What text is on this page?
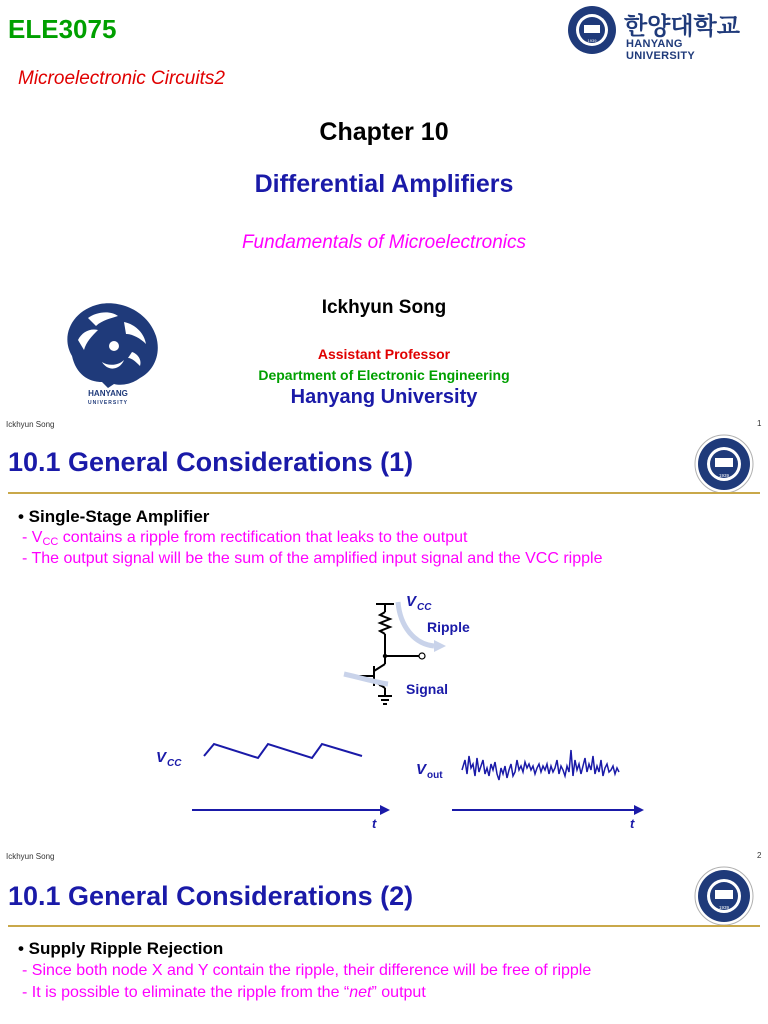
ELE3075	1939
한양대학교
HANYANG UNIVERSITY
Microelectronic Circuits2
Chapter 10
Differential Amplifiers
Fundamentals of Microelectronics
Ickhyun Song
HANYANG
UNIVERSITY
Assistant Professor
Department of Electronic Engineering
Hanyang University
Ickhyun Song	1
10.1 General Considerations (1)	1939
• Single-Stage Amplifier
- $V_{CC}$ contains a ripple from rectification that leaks to the output
- The output signal will be the sum of the amplified input signal and the VCC ripple
V CC
Ripple
Signal
V CC
t
V out
t
Ickhyun Song	2
10.1 General Considerations (2)	1939
• Supply Ripple Rejection
- Since both node X and Y contain the ripple, their difference will be free of ripple
- It is possible to eliminate the ripple from the “net” output
